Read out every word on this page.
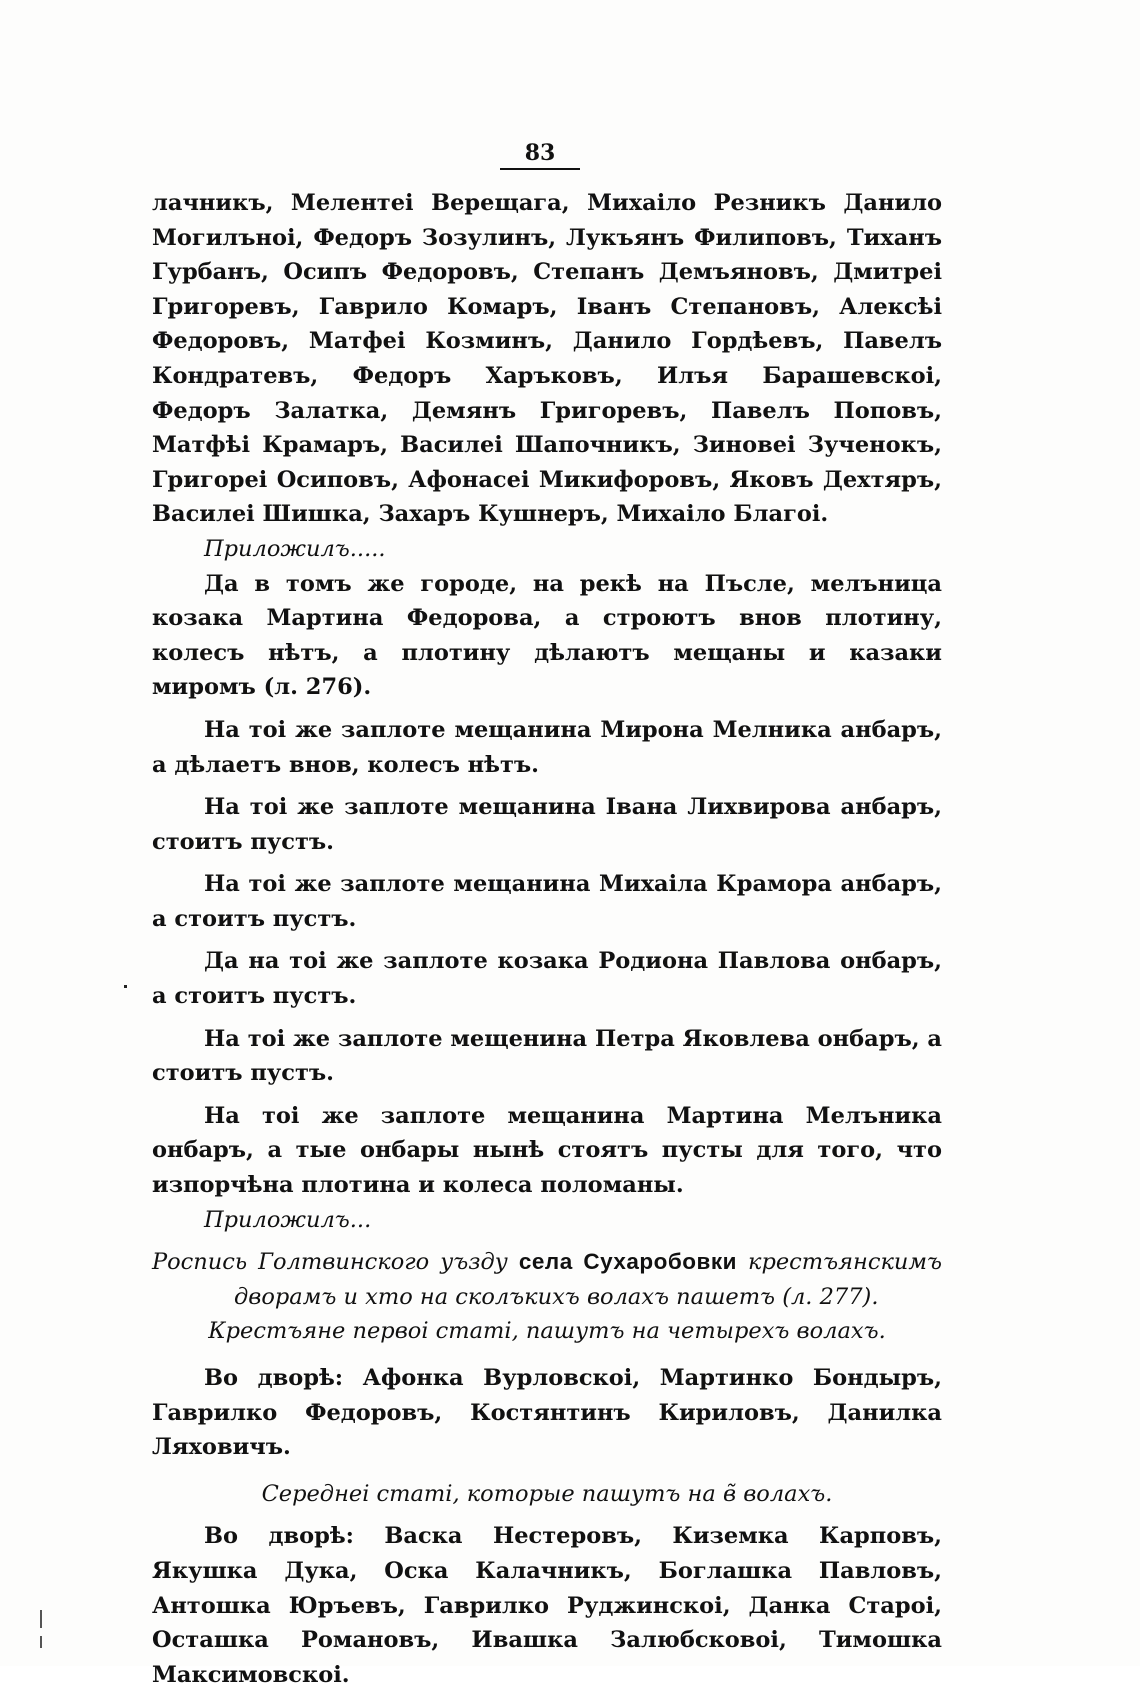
83

лачникъ, Мелентеі Верещага, Михаіло Резникъ Данило Могилъноі, Федоръ Зозулинъ, Лукъянъ Филиповъ, Тиханъ Гурбанъ, Осипъ Федоровъ, Степанъ Демъяновъ, Дмитреі Григоревъ, Гаврило Комаръ, Іванъ Степановъ, Алексѣі Федоровъ, Матфеі Козминъ, Данило Гордѣевъ, Павелъ Кондратевъ, Федоръ Харъковъ, Илъя Барашевскоі, Федоръ Залатка, Демянъ Григоревъ, Павелъ Поповъ, Матфѣі Крамаръ, Василеі Шапочникъ, Зиновеі Зученокъ, Григореі Осиповъ, Афонасеі Микифоровъ, Яковъ Дехтяръ, Василеі Шишка, Захаръ Кушнеръ, Михаіло Благоі.

Приложилъ.....

Да в томъ же городе, на рекѣ на Пъсле, мелъница козака Мартина Федорова, а строютъ внов плотину, колесъ нѣтъ, а плотину дѣлаютъ мещаны и казаки миромъ (л. 276).

На тоі же заплоте мещанина Мирона Мелника анбаръ, а дѣлаетъ внов, колесъ нѣтъ.

На тоі же заплоте мещанина Івана Лихвирова анбаръ, стоитъ пустъ.

На тоі же заплоте мещанина Михаіла Крамора анбаръ, а стоитъ пустъ.

Да на тоі же заплоте козака Родиона Павлова онбаръ, а стоитъ пустъ.

На тоі же заплоте мещенина Петра Яковлева онбаръ, а стоитъ пустъ.

На тоі же заплоте мещанина Мартина Мелъника онбаръ, а тые онбары нынѣ стоятъ пусты для того, что изпорчѣна плотина и колеса поломаны.

Приложилъ...

Роспись Голтвинского уъзду села Сухаробовки крестъянскимъ дворамъ и хто на сколъкихъ волахъ пашетъ (л. 277).

Крестъяне первоі статі, пашутъ на четырехъ волахъ.

Во дворѣ: Афонка Вурловскоі, Мартинко Бондыръ, Гаврилко Федоровъ, Костянтинъ Кириловъ, Данилка Ляховичъ.

Середнеі статі, которые пашутъ на в̃ волахъ.

Во дворѣ: Васка Нестеровъ, Киземка Карповъ, Якушка Дука, Оска Калачникъ, Боглашка Павловъ, Антошка Юръевъ, Гаврилко Руджинскоі, Данка Староі, Осташка Романовъ, Ивашка Залюбсковоі, Тимошка Максимовскоі.
